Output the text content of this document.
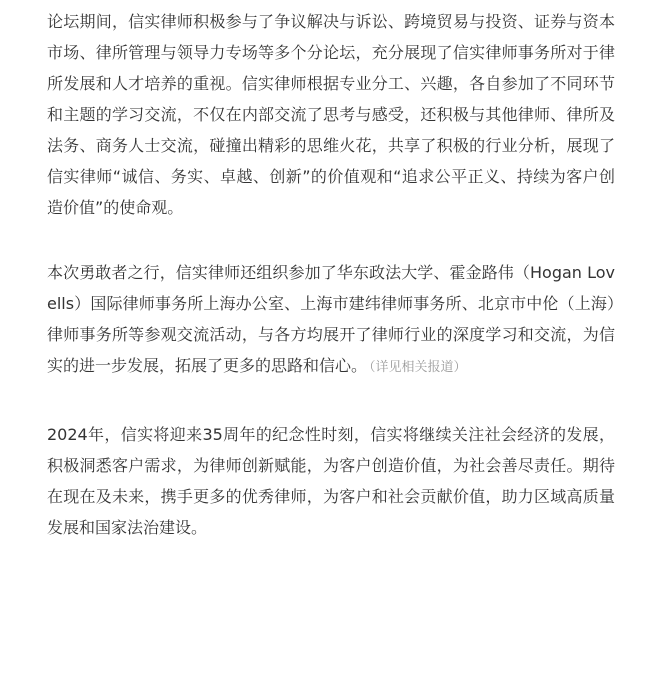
论坛期间，信实律师积极参与了争议解决与诉讼、跨境贸易与投资、证券与资本市场、律所管理与领导力专场等多个分论坛，充分展现了信实律师事务所对于律所发展和人才培养的重视。信实律师根据专业分工、兴趣，各自参加了不同环节和主题的学习交流，不仅在内部交流了思考与感受，还积极与其他律师、律所及法务、商务人士交流，碰撞出精彩的思维火花，共享了积极的行业分析，展现了信实律师“诚信、务实、卓越、创新”的价值观和“追求公平正义、持续为客户创造价值”的使命观。

本次勇敢者之行，信实律师还组织参加了华东政法大学、霍金路伟（Hogan Lovells）国际律师事务所上海办公室、上海市建纬律师事务所、北京市中伦（上海）律师事务所等参观交流活动，与各方均展开了律师行业的深度学习和交流，为信实的进一步发展，拓展了更多的思路和信心。 （详见相关报道）

2024年，信实将迎来35周年的纪念性时刻，信实将继续关注社会经济的发展，积极洞悉客户需求，为律师创新赋能，为客户创造价值，为社会善尽责任。期待在现在及未来，携手更多的优秀律师，为客户和社会贡献价值，助力区域高质量发展和国家法治建设。
